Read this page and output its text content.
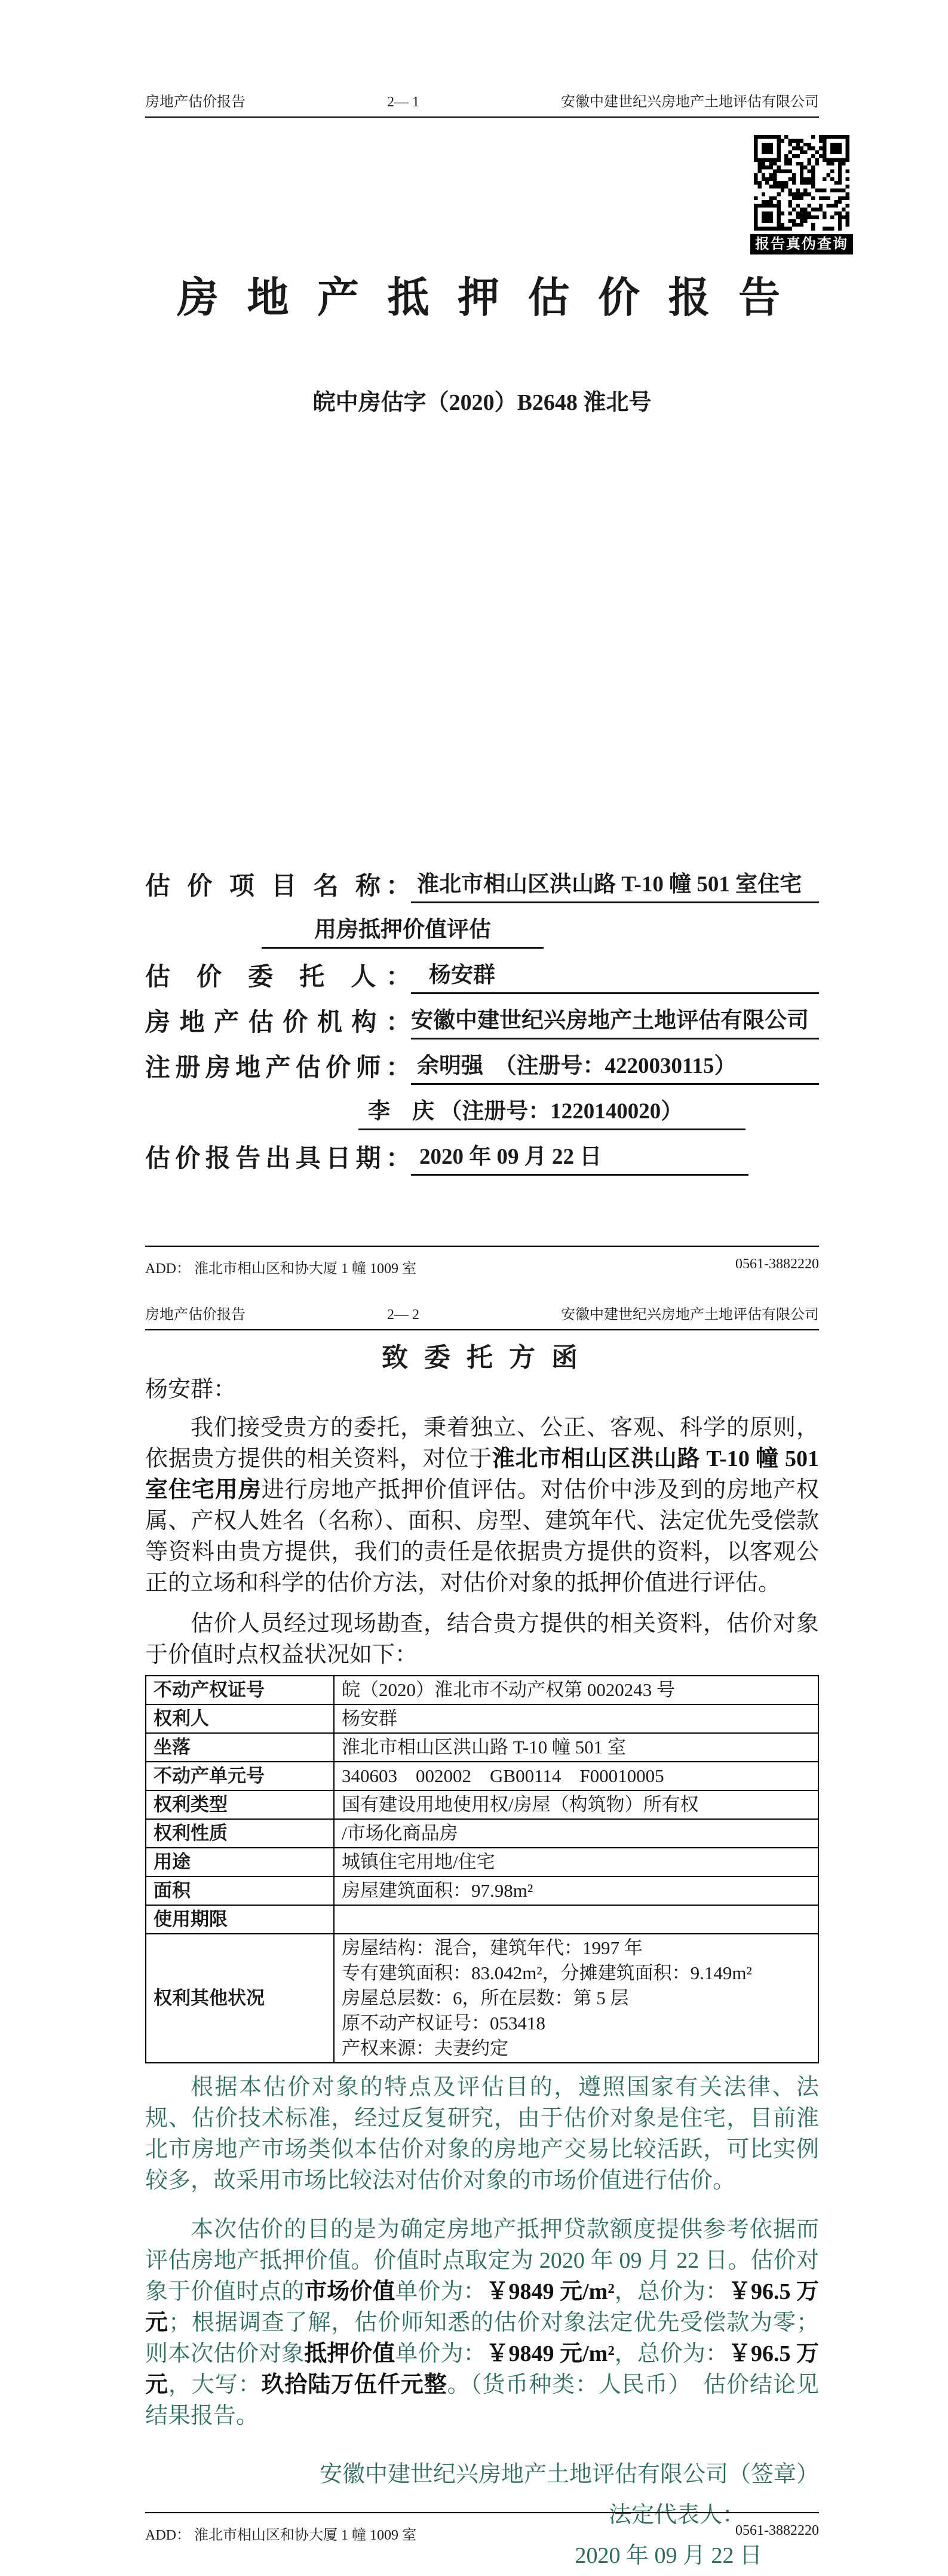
房地产估价报告	2— 1	安徽中建世纪兴房地产土地评估有限公司
报告真伪查询
房 地 产 抵 押 估 价 报 告
皖中房估字（2020）B2648 淮北号
估 价 项 目 名 称： 淮北市相山区洪山路 T-10 幢 501 室住宅
用房抵押价值评估
估 价 委 托 人： 杨安群
房地产估价机构： 安徽中建世纪兴房地产土地评估有限公司
注册房地产估价师： 余明强　（注册号：4220030115）
李　庆 （注册号：1220140020）
估价报告出具日期： 2020 年 09 月 22 日
ADD： 淮北市相山区和协大厦 1 幢 1009 室	0561-3882220
房地产估价报告	2— 2	安徽中建世纪兴房地产土地评估有限公司
致 委 托 方 函
杨安群：

我们接受贵方的委托，秉着独立、公正、客观、科学的原则，依据贵方提供的相关资料，对位于淮北市相山区洪山路 T-10 幢 501 室住宅用房进行房地产抵押价值评估。对估价中涉及到的房地产权属、产权人姓名（名称）、面积、房型、建筑年代、法定优先受偿款等资料由贵方提供，我们的责任是依据贵方提供的资料，以客观公正的立场和科学的估价方法，对估价对象的抵押价值进行评估。

估价人员经过现场勘查，结合贵方提供的相关资料，估价对象于价值时点权益状况如下：

不动产权证号	皖（2020）淮北市不动产权第 0020243 号
权利人	杨安群
坐落	淮北市相山区洪山路 T-10 幢 501 室
不动产单元号	340603　002002　GB00114　F00010005
权利类型	国有建设用地使用权/房屋（构筑物）所有权
权利性质	/市场化商品房
用途	城镇住宅用地/住宅
面积	房屋建筑面积：97.98m²
使用期限	
权利其他状况	房屋结构：混合，建筑年代：1997 年
专有建筑面积：83.042m²，分摊建筑面积：9.149m²
房屋总层数：6，所在层数：第 5 层
原不动产权证号：053418
产权来源：夫妻约定

根据本估价对象的特点及评估目的，遵照国家有关法律、法规、估价技术标准，经过反复研究，由于估价对象是住宅，目前淮北市房地产市场类似本估价对象的房地产交易比较活跃，可比实例较多，故采用市场比较法对估价对象的市场价值进行估价。

本次估价的目的是为确定房地产抵押贷款额度提供参考依据而评估房地产抵押价值。价值时点取定为 2020 年 09 月 22 日。估价对象于价值时点的市场价值单价为：￥9849 元/m²，总价为：￥96.5 万元；根据调查了解，估价师知悉的估价对象法定优先受偿款为零；则本次估价对象抵押价值单价为：￥9849 元/m²，总价为：￥96.5 万元，大写：玖拾陆万伍仟元整。（货币种类：人民币）　估价结论见结果报告。

安徽中建世纪兴房地产土地评估有限公司（签章）
法定代表人：
2020 年 09 月 22 日
ADD： 淮北市相山区和协大厦 1 幢 1009 室	0561-3882220
